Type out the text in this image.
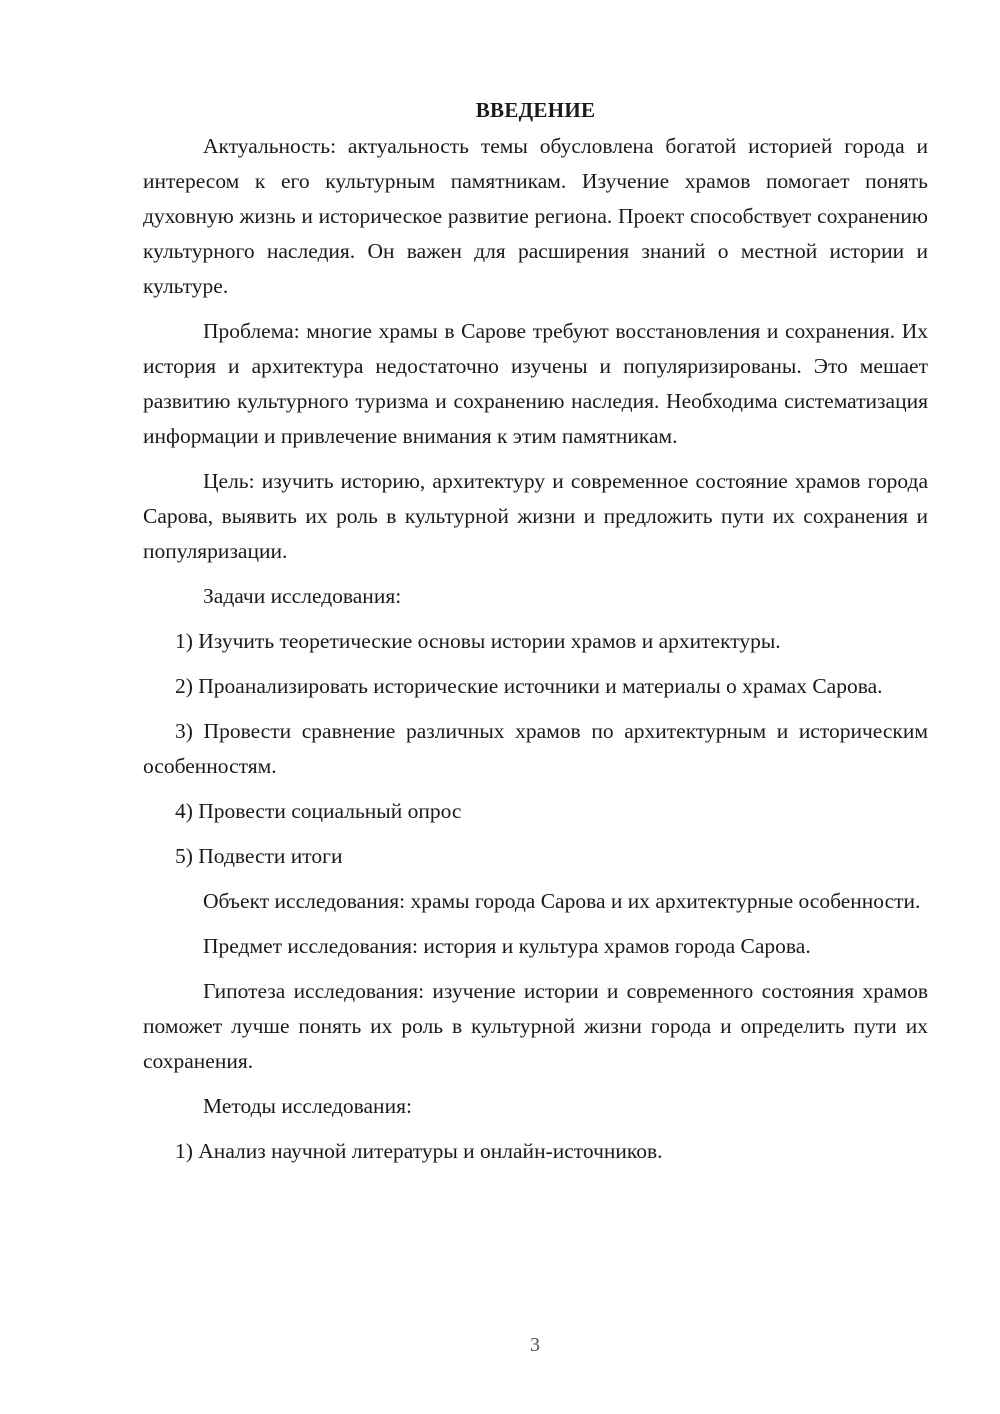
ВВЕДЕНИЕ

Актуальность: актуальность темы обусловлена богатой историей города и интересом к его культурным памятникам. Изучение храмов помогает понять духовную жизнь и историческое развитие региона. Проект способствует сохранению культурного наследия. Он важен для расширения знаний о местной истории и культуре.

Проблема: многие храмы в Сарове требуют восстановления и сохранения. Их история и архитектура недостаточно изучены и популяризированы. Это мешает развитию культурного туризма и сохранению наследия. Необходима систематизация информации и привлечение внимания к этим памятникам.

Цель: изучить историю, архитектуру и современное состояние храмов города Сарова, выявить их роль в культурной жизни и предложить пути их сохранения и популяризации.

Задачи исследования:

1) Изучить теоретические основы истории храмов и архитектуры.

2) Проанализировать исторические источники и материалы о храмах Сарова.

3) Провести сравнение различных храмов по архитектурным и историческим особенностям.

4) Провести социальный опрос

5) Подвести итоги

Объект исследования: храмы города Сарова и их архитектурные особенности.

Предмет исследования: история и культура храмов города Сарова.

Гипотеза исследования: изучение истории и современного состояния храмов поможет лучше понять их роль в культурной жизни города и определить пути их сохранения.

Методы исследования:

1) Анализ научной литературы и онлайн-источников.

3
